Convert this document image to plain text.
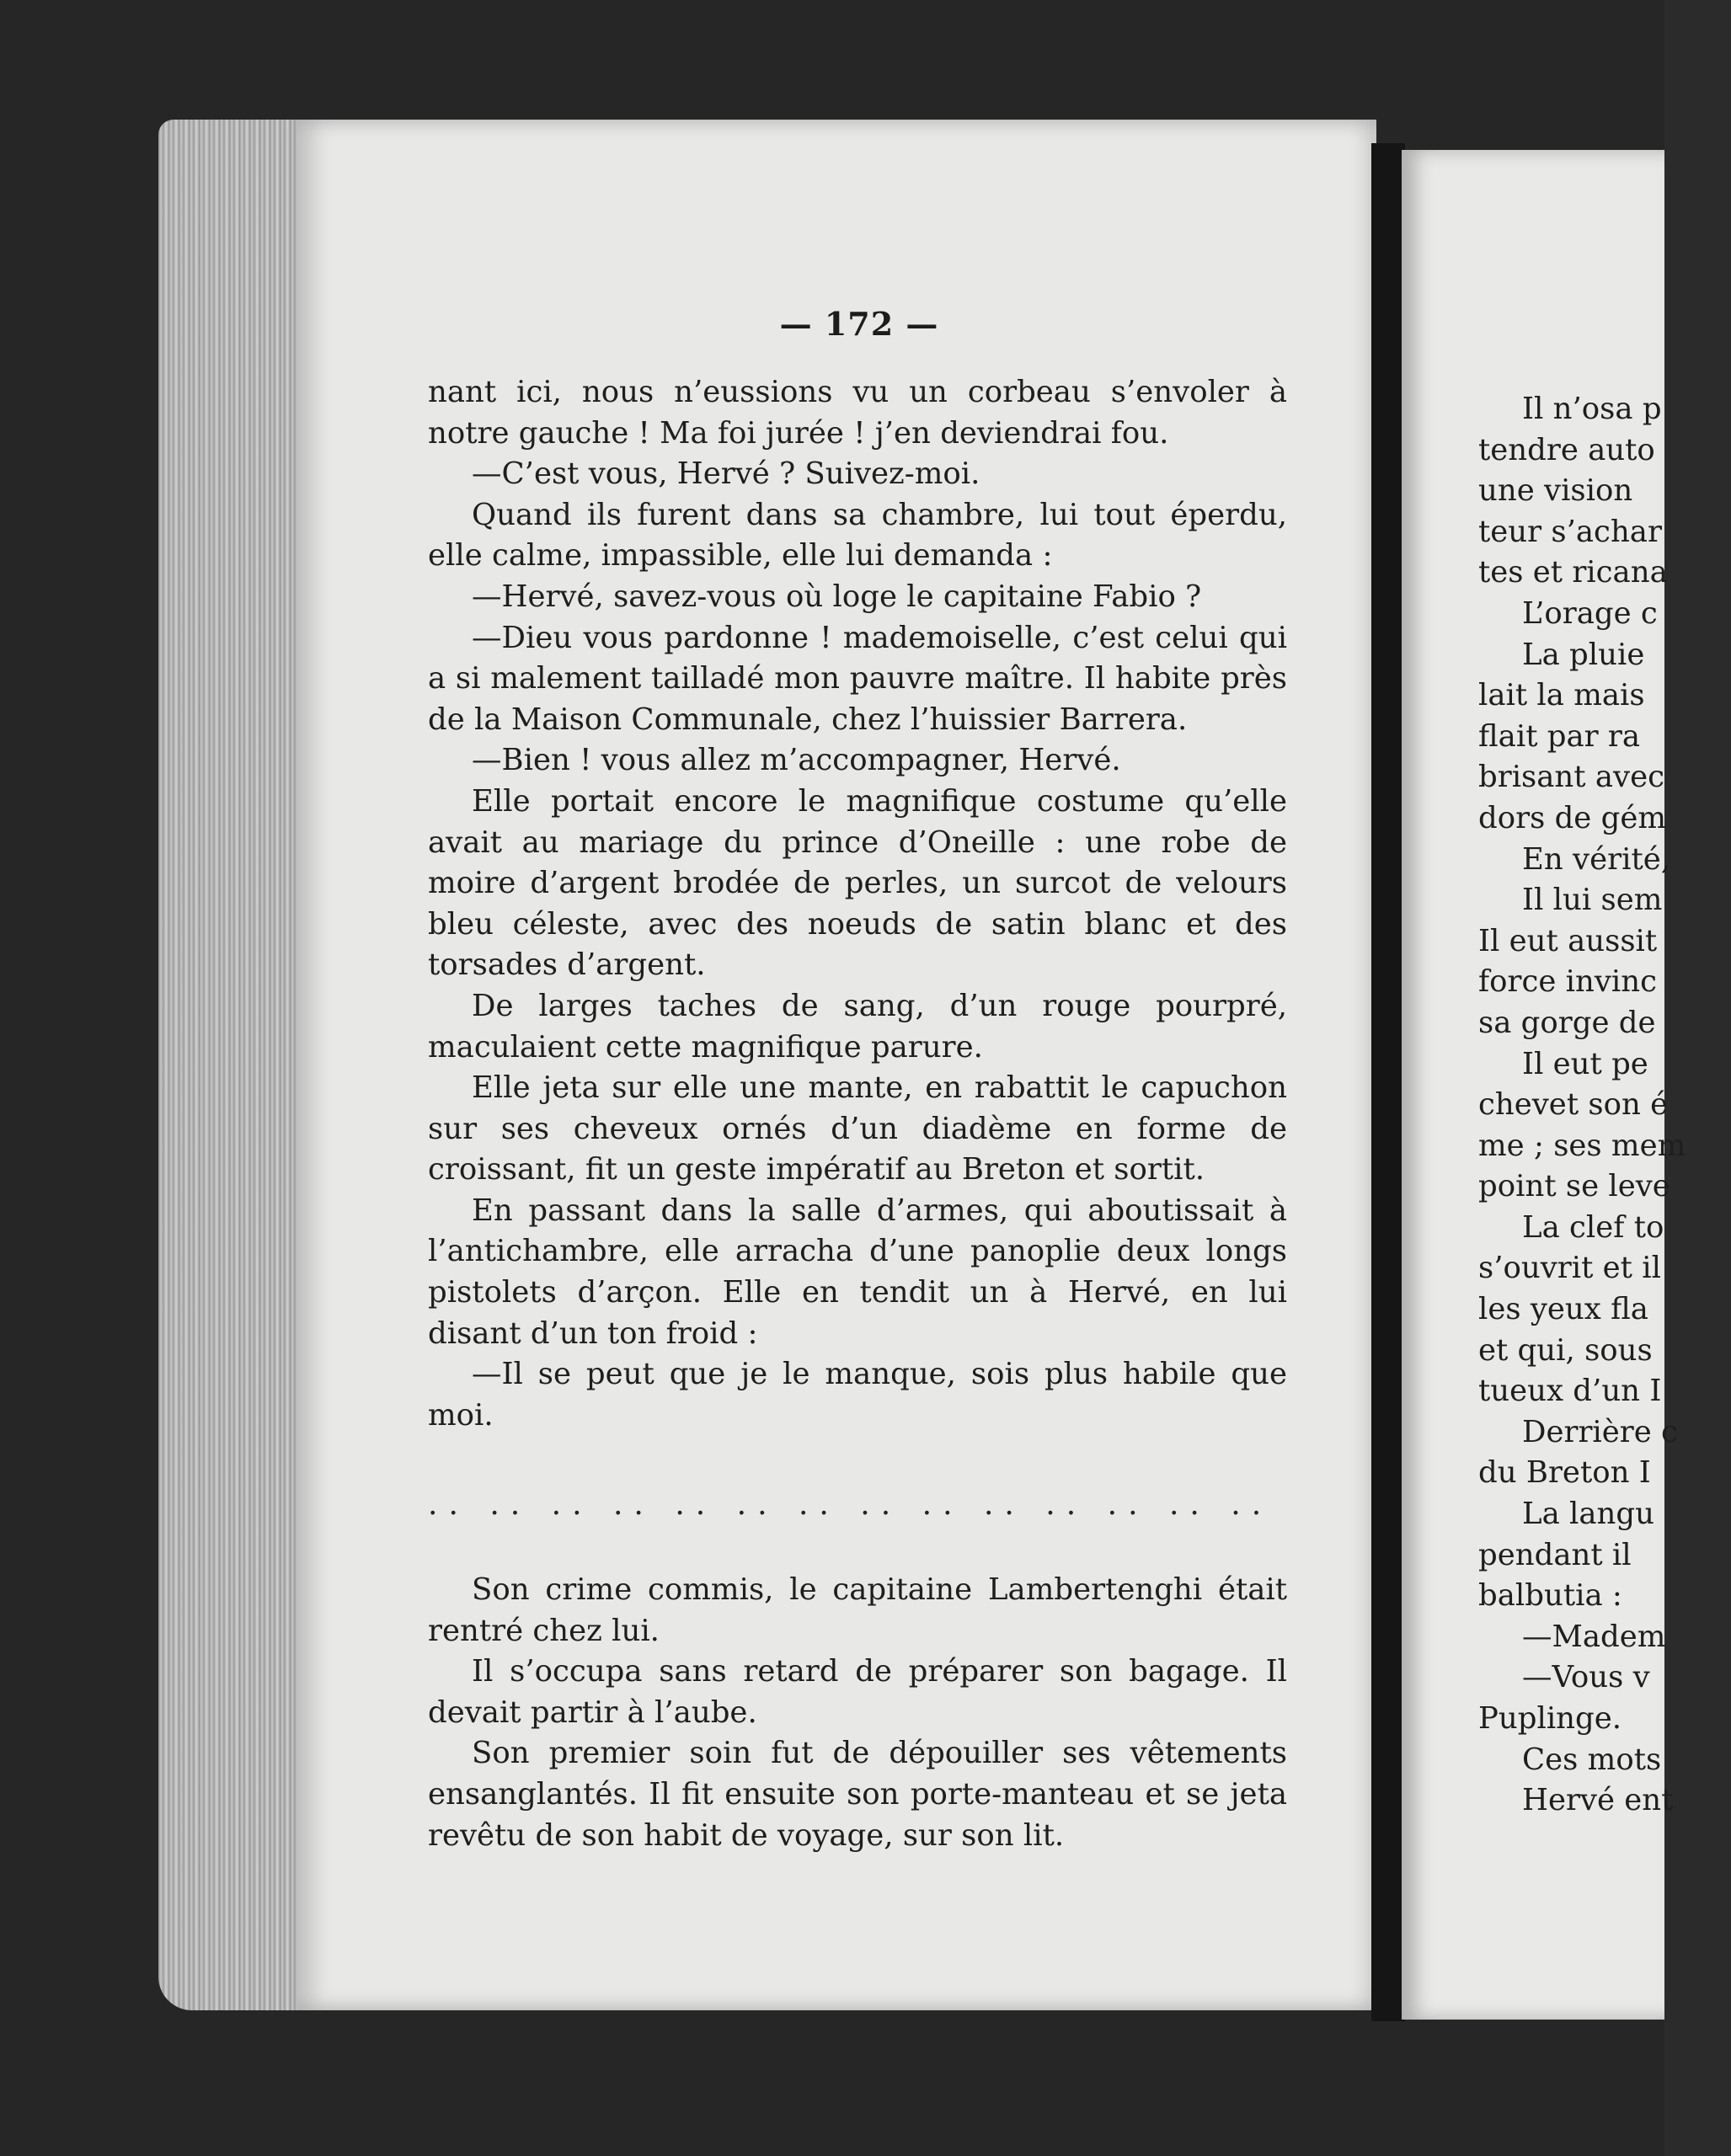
— 172 —

nant ici, nous n’eussions vu un corbeau s’envoler à notre gauche ! Ma foi jurée ! j’en deviendrai fou.

—C’est vous, Hervé ? Suivez-moi.

Quand ils furent dans sa chambre, lui tout éperdu, elle calme, impassible, elle lui demanda :

—Hervé, savez-vous où loge le capitaine Fabio ?

—Dieu vous pardonne ! mademoiselle, c’est celui qui a si malement tailladé mon pauvre maître. Il habite près de la Maison Communale, chez l’huissier Barrera.

—Bien ! vous allez m’accompagner, Hervé.

Elle portait encore le magnifique costume qu’elle avait au mariage du prince d’Oneille : une robe de moire d’argent brodée de perles, un surcot de velours bleu céleste, avec des noeuds de satin blanc et des torsades d’argent.

De larges taches de sang, d’un rouge pourpré, maculaient cette magnifique parure.

Elle jeta sur elle une mante, en rabattit le capuchon sur ses cheveux ornés d’un diadème en forme de croissant, fit un geste impératif au Breton et sortit.

En passant dans la salle d’armes, qui aboutissait à l’antichambre, elle arracha d’une panoplie deux longs pistolets d’arçon. Elle en tendit un à Hervé, en lui disant d’un ton froid :

—Il se peut que je le manque, sois plus habile que moi.

.. .. .. .. .. .. .. .. .. .. .. .. .. ..

Son crime commis, le capitaine Lambertenghi était rentré chez lui.

Il s’occupa sans retard de préparer son bagage. Il devait partir à l’aube.

Son premier soin fut de dépouiller ses vêtements ensanglantés. Il fit ensuite son porte-manteau et se jeta revêtu de son habit de voyage, sur son lit.

Il n’osa p

tendre auto

une vision

teur s’achar

tes et ricana

L’orage c

La pluie

lait la mais

flait par ra

brisant avec

dors de gém

En vérité,

Il lui sem

Il eut aussit

force invinc

sa gorge de

Il eut pe

chevet son é

me ; ses mem

point se leve

La clef to

s’ouvrit et il

les yeux fla

et qui, sous

tueux d’un I

Derrière c

du Breton I

La langu

pendant il

balbutia :

—Madem

—Vous v

Puplinge.

Ces mots

Hervé ent
